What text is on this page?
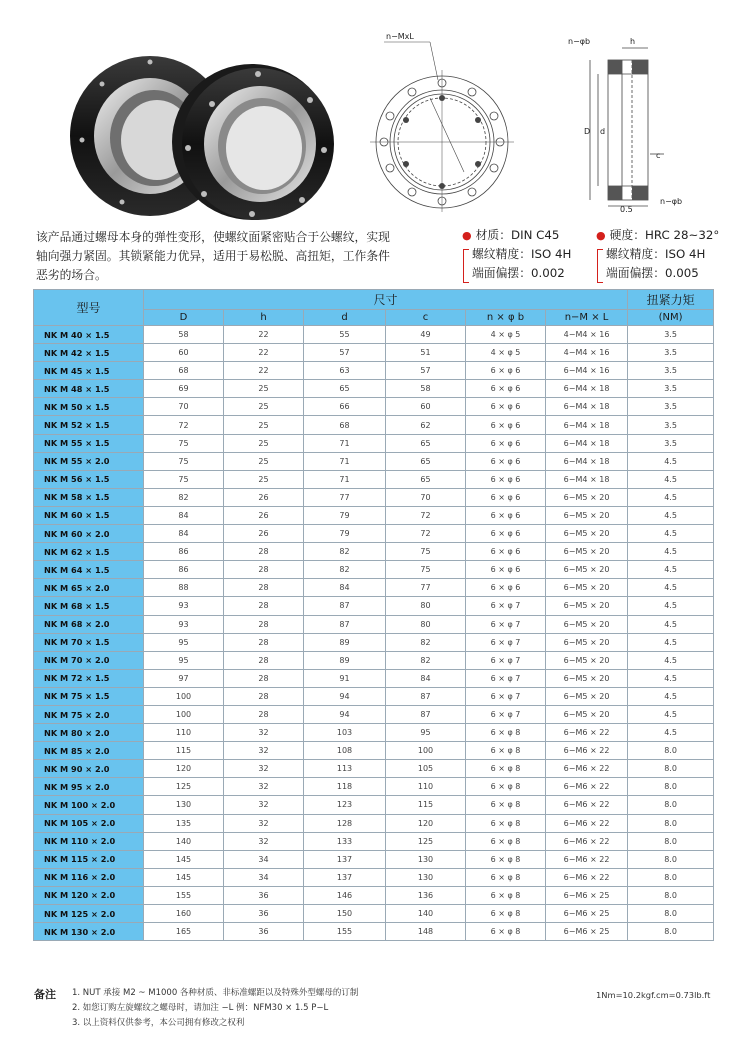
n−MxL
n−φb	h
D d
c
0.5
n−φb
该产品通过螺母本身的弹性变形，使螺纹面紧密贴合于公螺纹，实现
轴向强力紧固。其锁紧能力优异，适用于易松脱、高扭矩，工作条件
恶劣的场合。
● 材质：DIN C45
螺纹精度：ISO 4H
端面偏摆：0.002
● 硬度：HRC 28~32°
螺纹精度：ISO 4H
端面偏摆：0.005
型号	尺寸						扭紧力矩
	D	h	d	c	n × φ b	n−M × L	(NM)
NK M 40 × 1.5	58	22	55	49	4 × φ 5	4−M4 × 16	3.5
NK M 42 × 1.5	60	22	57	51	4 × φ 5	4−M4 × 16	3.5
NK M 45 × 1.5	68	22	63	57	6 × φ 6	6−M4 × 16	3.5
NK M 48 × 1.5	69	25	65	58	6 × φ 6	6−M4 × 18	3.5
NK M 50 × 1.5	70	25	66	60	6 × φ 6	6−M4 × 18	3.5
NK M 52 × 1.5	72	25	68	62	6 × φ 6	6−M4 × 18	3.5
NK M 55 × 1.5	75	25	71	65	6 × φ 6	6−M4 × 18	3.5
NK M 55 × 2.0	75	25	71	65	6 × φ 6	6−M4 × 18	4.5
NK M 56 × 1.5	75	25	71	65	6 × φ 6	6−M4 × 18	4.5
NK M 58 × 1.5	82	26	77	70	6 × φ 6	6−M5 × 20	4.5
NK M 60 × 1.5	84	26	79	72	6 × φ 6	6−M5 × 20	4.5
NK M 60 × 2.0	84	26	79	72	6 × φ 6	6−M5 × 20	4.5
NK M 62 × 1.5	86	28	82	75	6 × φ 6	6−M5 × 20	4.5
NK M 64 × 1.5	86	28	82	75	6 × φ 6	6−M5 × 20	4.5
NK M 65 × 2.0	88	28	84	77	6 × φ 6	6−M5 × 20	4.5
NK M 68 × 1.5	93	28	87	80	6 × φ 7	6−M5 × 20	4.5
NK M 68 × 2.0	93	28	87	80	6 × φ 7	6−M5 × 20	4.5
NK M 70 × 1.5	95	28	89	82	6 × φ 7	6−M5 × 20	4.5
NK M 70 × 2.0	95	28	89	82	6 × φ 7	6−M5 × 20	4.5
NK M 72 × 1.5	97	28	91	84	6 × φ 7	6−M5 × 20	4.5
NK M 75 × 1.5	100	28	94	87	6 × φ 7	6−M5 × 20	4.5
NK M 75 × 2.0	100	28	94	87	6 × φ 7	6−M5 × 20	4.5
NK M 80 × 2.0	110	32	103	95	6 × φ 8	6−M6 × 22	4.5
NK M 85 × 2.0	115	32	108	100	6 × φ 8	6−M6 × 22	8.0
NK M 90 × 2.0	120	32	113	105	6 × φ 8	6−M6 × 22	8.0
NK M 95 × 2.0	125	32	118	110	6 × φ 8	6−M6 × 22	8.0
NK M 100 × 2.0	130	32	123	115	6 × φ 8	6−M6 × 22	8.0
NK M 105 × 2.0	135	32	128	120	6 × φ 8	6−M6 × 22	8.0
NK M 110 × 2.0	140	32	133	125	6 × φ 8	6−M6 × 22	8.0
NK M 115 × 2.0	145	34	137	130	6 × φ 8	6−M6 × 22	8.0
NK M 116 × 2.0	145	34	137	130	6 × φ 8	6−M6 × 22	8.0
NK M 120 × 2.0	155	36	146	136	6 × φ 8	6−M6 × 25	8.0
NK M 125 × 2.0	160	36	150	140	6 × φ 8	6−M6 × 25	8.0
NK M 130 × 2.0	165	36	155	148	6 × φ 8	6−M6 × 25	8.0
备注 1. NUT 承接 M2 ~ M1000 各种材质、非标准螺距以及特殊外型螺母的订制
2. 如您订购左旋螺纹之螺母时，请加注 −L 例：NFM30 × 1.5 P−L
3. 以上资料仅供参考，本公司拥有修改之权利
1Nm=10.2kgf.cm=0.73lb.ft
